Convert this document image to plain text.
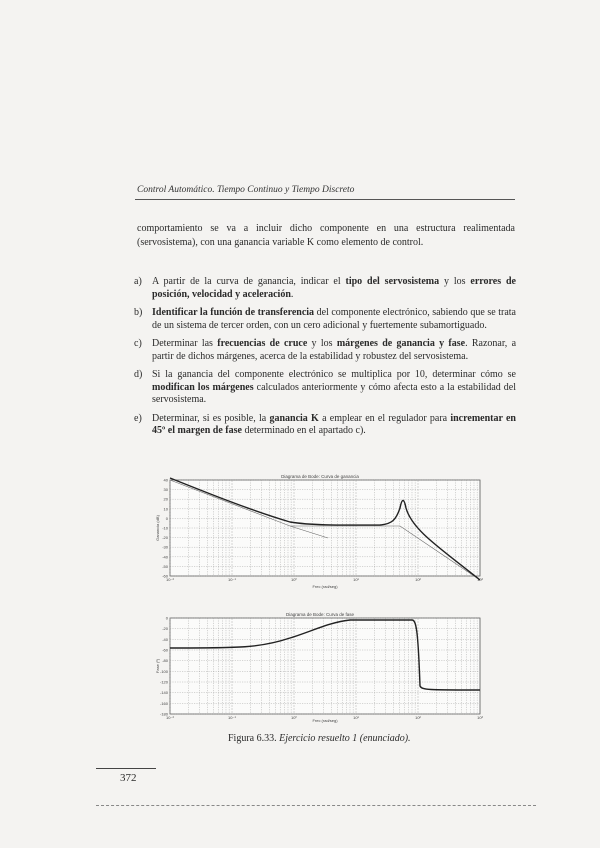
Control Automático. Tiempo Continuo y Tiempo Discreto

comportamiento se va a incluir dicho componente en una estructura realimentada (servosistema), con una ganancia variable K como elemento de control.

a) A partir de la curva de ganancia, indicar el tipo del servosistema y los errores de posición, velocidad y aceleración.
b) Identificar la función de transferencia del componente electrónico, sabiendo que se trata de un sistema de tercer orden, con un cero adicional y fuertemente subamortiguado.
c) Determinar las frecuencias de cruce y los márgenes de ganancia y fase. Razonar, a partir de dichos márgenes, acerca de la estabilidad y robustez del servosistema.
d) Si la ganancia del componente electrónico se multiplica por 10, determinar cómo se modifican los márgenes calculados anteriormente y cómo afecta esto a la estabilidad del servosistema.
e) Determinar, si es posible, la ganancia K a emplear en el regulador para incrementar en 45º el margen de fase determinado en el apartado c).
Diagrama de Bode: Curva de ganancia
40
30
20
10
0
-10
-20
-30
-40
-50
-60
10⁻²	10⁻¹	10⁰	10¹	10²	10³
Ganancia (dB)
Frec (rad/seg)
Diagrama de Bode: Curva de fase
0
-20
-40
-60
-80
-100
-120
-140
-160
-180
10⁻²	10⁻¹	10⁰	10¹	10²	10³
Fase (º)
Frec (rad/seg)
Figura 6.33. Ejercicio resuelto 1 (enunciado).
372
